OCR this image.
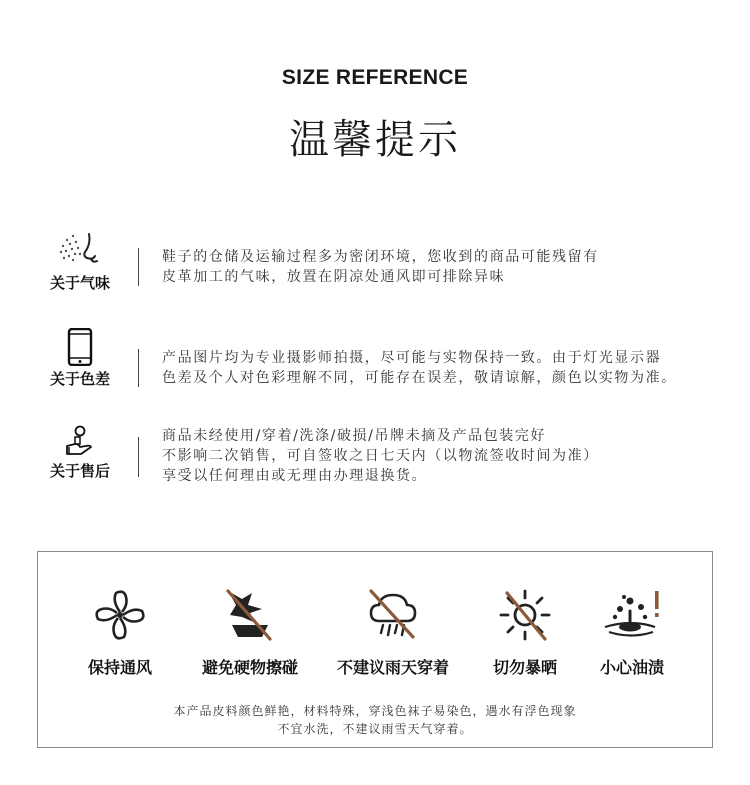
SIZE REFERENCE
温馨提示
关于气味
鞋子的仓储及运输过程多为密闭环境，您收到的商品可能残留有
皮革加工的气味，放置在阴凉处通风即可排除异味
关于色差
产品图片均为专业摄影师拍摄，尽可能与实物保持一致。由于灯光显示器
色差及个人对色彩理解不同，可能存在误差，敬请谅解，颜色以实物为准。
关于售后
商品未经使用/穿着/洗涤/破损/吊牌未摘及产品包装完好
不影响二次销售，可自签收之日七天内（以物流签收时间为准）
享受以任何理由或无理由办理退换货。
保持通风	避免硬物擦碰	不建议雨天穿着	切勿暴晒	小心油渍
本产品皮料颜色鲜艳，材料特殊，穿浅色袜子易染色，遇水有浮色现象
不宜水洗，不建议雨雪天气穿着。
